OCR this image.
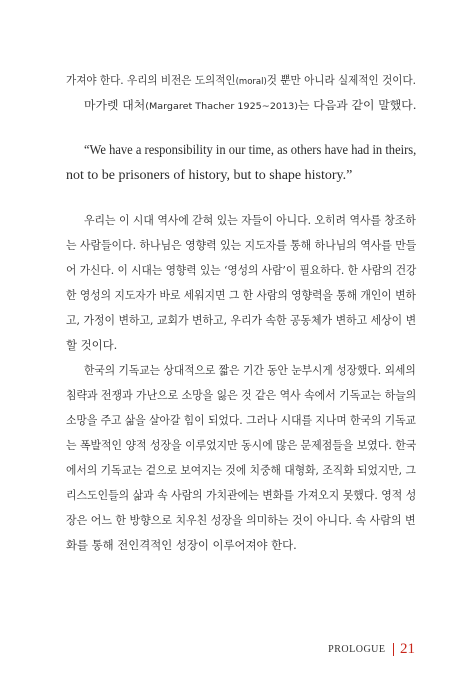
가져야 한다. 우리의 비전은 도의적인(moral)것 뿐만 아니라 실제적인 것이다.
마가렛 대처(Margaret Thacher 1925~2013)는 다음과 같이 말했다.
“We have a responsibility in our time, as others have had in theirs,
not to be prisoners of history, but to shape history.”
우리는 이 시대 역사에 갇혀 있는 자들이 아니다. 오히려 역사를 창조하
는 사람들이다. 하나님은 영향력 있는 지도자를 통해 하나님의 역사를 만들
어 가신다. 이 시대는 영향력 있는 ‘영성의 사람’이 필요하다. 한 사람의 건강
한 영성의 지도자가 바로 세워지면 그 한 사람의 영향력을 통해 개인이 변하
고, 가정이 변하고, 교회가 변하고, 우리가 속한 공동체가 변하고 세상이 변
할 것이다.
한국의 기독교는 상대적으로 짧은 기간 동안 눈부시게 성장했다. 외세의
침략과 전쟁과 가난으로 소망을 잃은 것 같은 역사 속에서 기독교는 하늘의
소망을 주고 삶을 살아갈 힘이 되었다. 그러나 시대를 지나며 한국의 기독교
는 폭발적인 양적 성장을 이루었지만 동시에 많은 문제점들을 보였다. 한국
에서의 기독교는 겉으로 보여지는 것에 치중해 대형화, 조직화 되었지만, 그
리스도인들의 삶과 속 사람의 가치관에는 변화를 가져오지 못했다. 영적 성
장은 어느 한 방향으로 치우친 성장을 의미하는 것이 아니다. 속 사람의 변
화를 통해 전인격적인 성장이 이루어져야 한다.
PROLOGUE 21
